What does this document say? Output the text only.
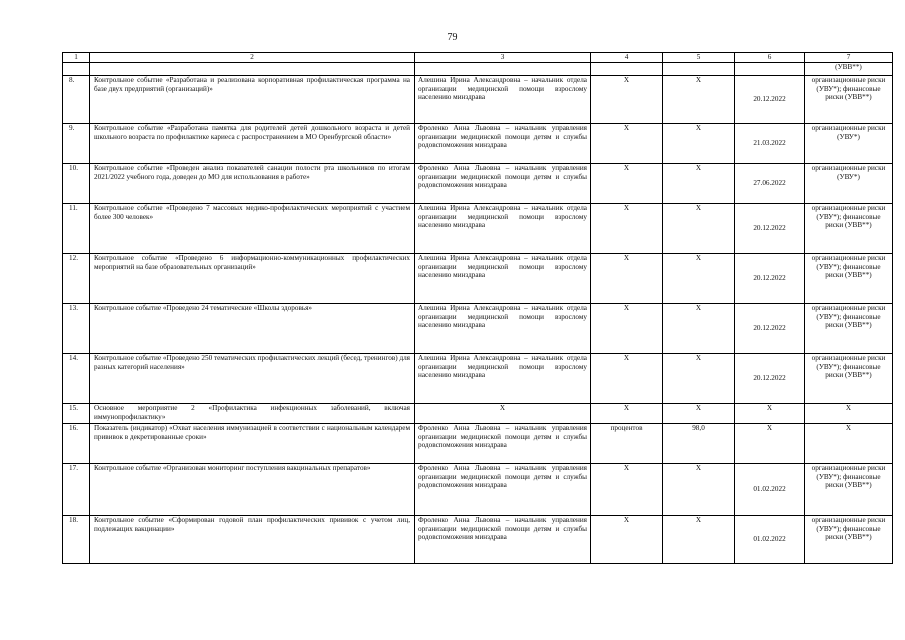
79
1	2	3	4	5	6	7
						(УВВ**)
8.	Контрольное событие «Разработана и реализована корпоративная профилактическая программа на базе двух предприятий (организаций)»	Алешина Ирина Александровна – начальник отдела организации медицинской помощи взрослому населению минздрава	X	X	20.12.2022	организационные риски (УВУ*); финансовые риски (УВВ**)
9.	Контрольное событие «Разработана памятка для родителей детей дошкольного возраста и детей школьного возраста по профилактике кариеса с распространением в МО Оренбургской области»	Фроленко Анна Львовна – начальник управления организации медицинской помощи детям и службы родовспоможения минздрава	X	X	21.03.2022	организационные риски (УВУ*)
10.	Контрольное событие «Проведен анализ показателей санации полости рта школьников по итогам 2021/2022 учебного года, доведен до МО для использования в работе»	Фроленко Анна Львовна – начальник управления организации медицинской помощи детям и службы родовспоможения минздрава	X	X	27.06.2022	организационные риски (УВУ*)
11.	Контрольное событие «Проведено 7 массовых медико-профилактических мероприятий с участием более 300 человек»	Алешина Ирина Александровна – начальник отдела организации медицинской помощи взрослому населению минздрава	X	X	20.12.2022	организационные риски (УВУ*); финансовые риски (УВВ**)
12.	Контрольное событие «Проведено 6 информационно-коммуникационных профилактических мероприятий на базе образовательных организаций»	Алешина Ирина Александровна – начальник отдела организации медицинской помощи взрослому населению минздрава	X	X	20.12.2022	организационные риски (УВУ*); финансовые риски (УВВ**)
13.	Контрольное событие «Проведено 24 тематические «Школы здоровья»	Алешина Ирина Александровна – начальник отдела организации медицинской помощи взрослому населению минздрава	X	X	20.12.2022	организационные риски (УВУ*); финансовые риски (УВВ**)
14.	Контрольное событие «Проведено 250 тематических профилактических лекций (бесед, тренингов) для разных категорий населения»	Алешина Ирина Александровна – начальник отдела организации медицинской помощи взрослому населению минздрава	X	X	20.12.2022	организационные риски (УВУ*); финансовые риски (УВВ**)
15.	Основное мероприятие 2 «Профилактика инфекционных заболеваний, включая иммунопрофилактику»	X	X	X	X	X
16.	Показатель (индикатор) «Охват населения иммунизацией в соответствии с национальным календарем прививок в декретированные сроки»	Фроленко Анна Львовна – начальник управления организации медицинской помощи детям и службы родовспоможения минздрава	процентов	98,0	X	X
17.	Контрольное событие «Организован мониторинг поступления вакцинальных препаратов»	Фроленко Анна Львовна – начальник управления организации медицинской помощи детям и службы родовспоможения минздрава	X	X	01.02.2022	организационные риски (УВУ*); финансовые риски (УВВ**)
18.	Контрольное событие «Сформирован годовой план профилактических прививок с учетом лиц, подлежащих вакцинации»	Фроленко Анна Львовна – начальник управления организации медицинской помощи детям и службы родовспоможения минздрава	X	X	01.02.2022	организационные риски (УВУ*); финансовые риски (УВВ**)
